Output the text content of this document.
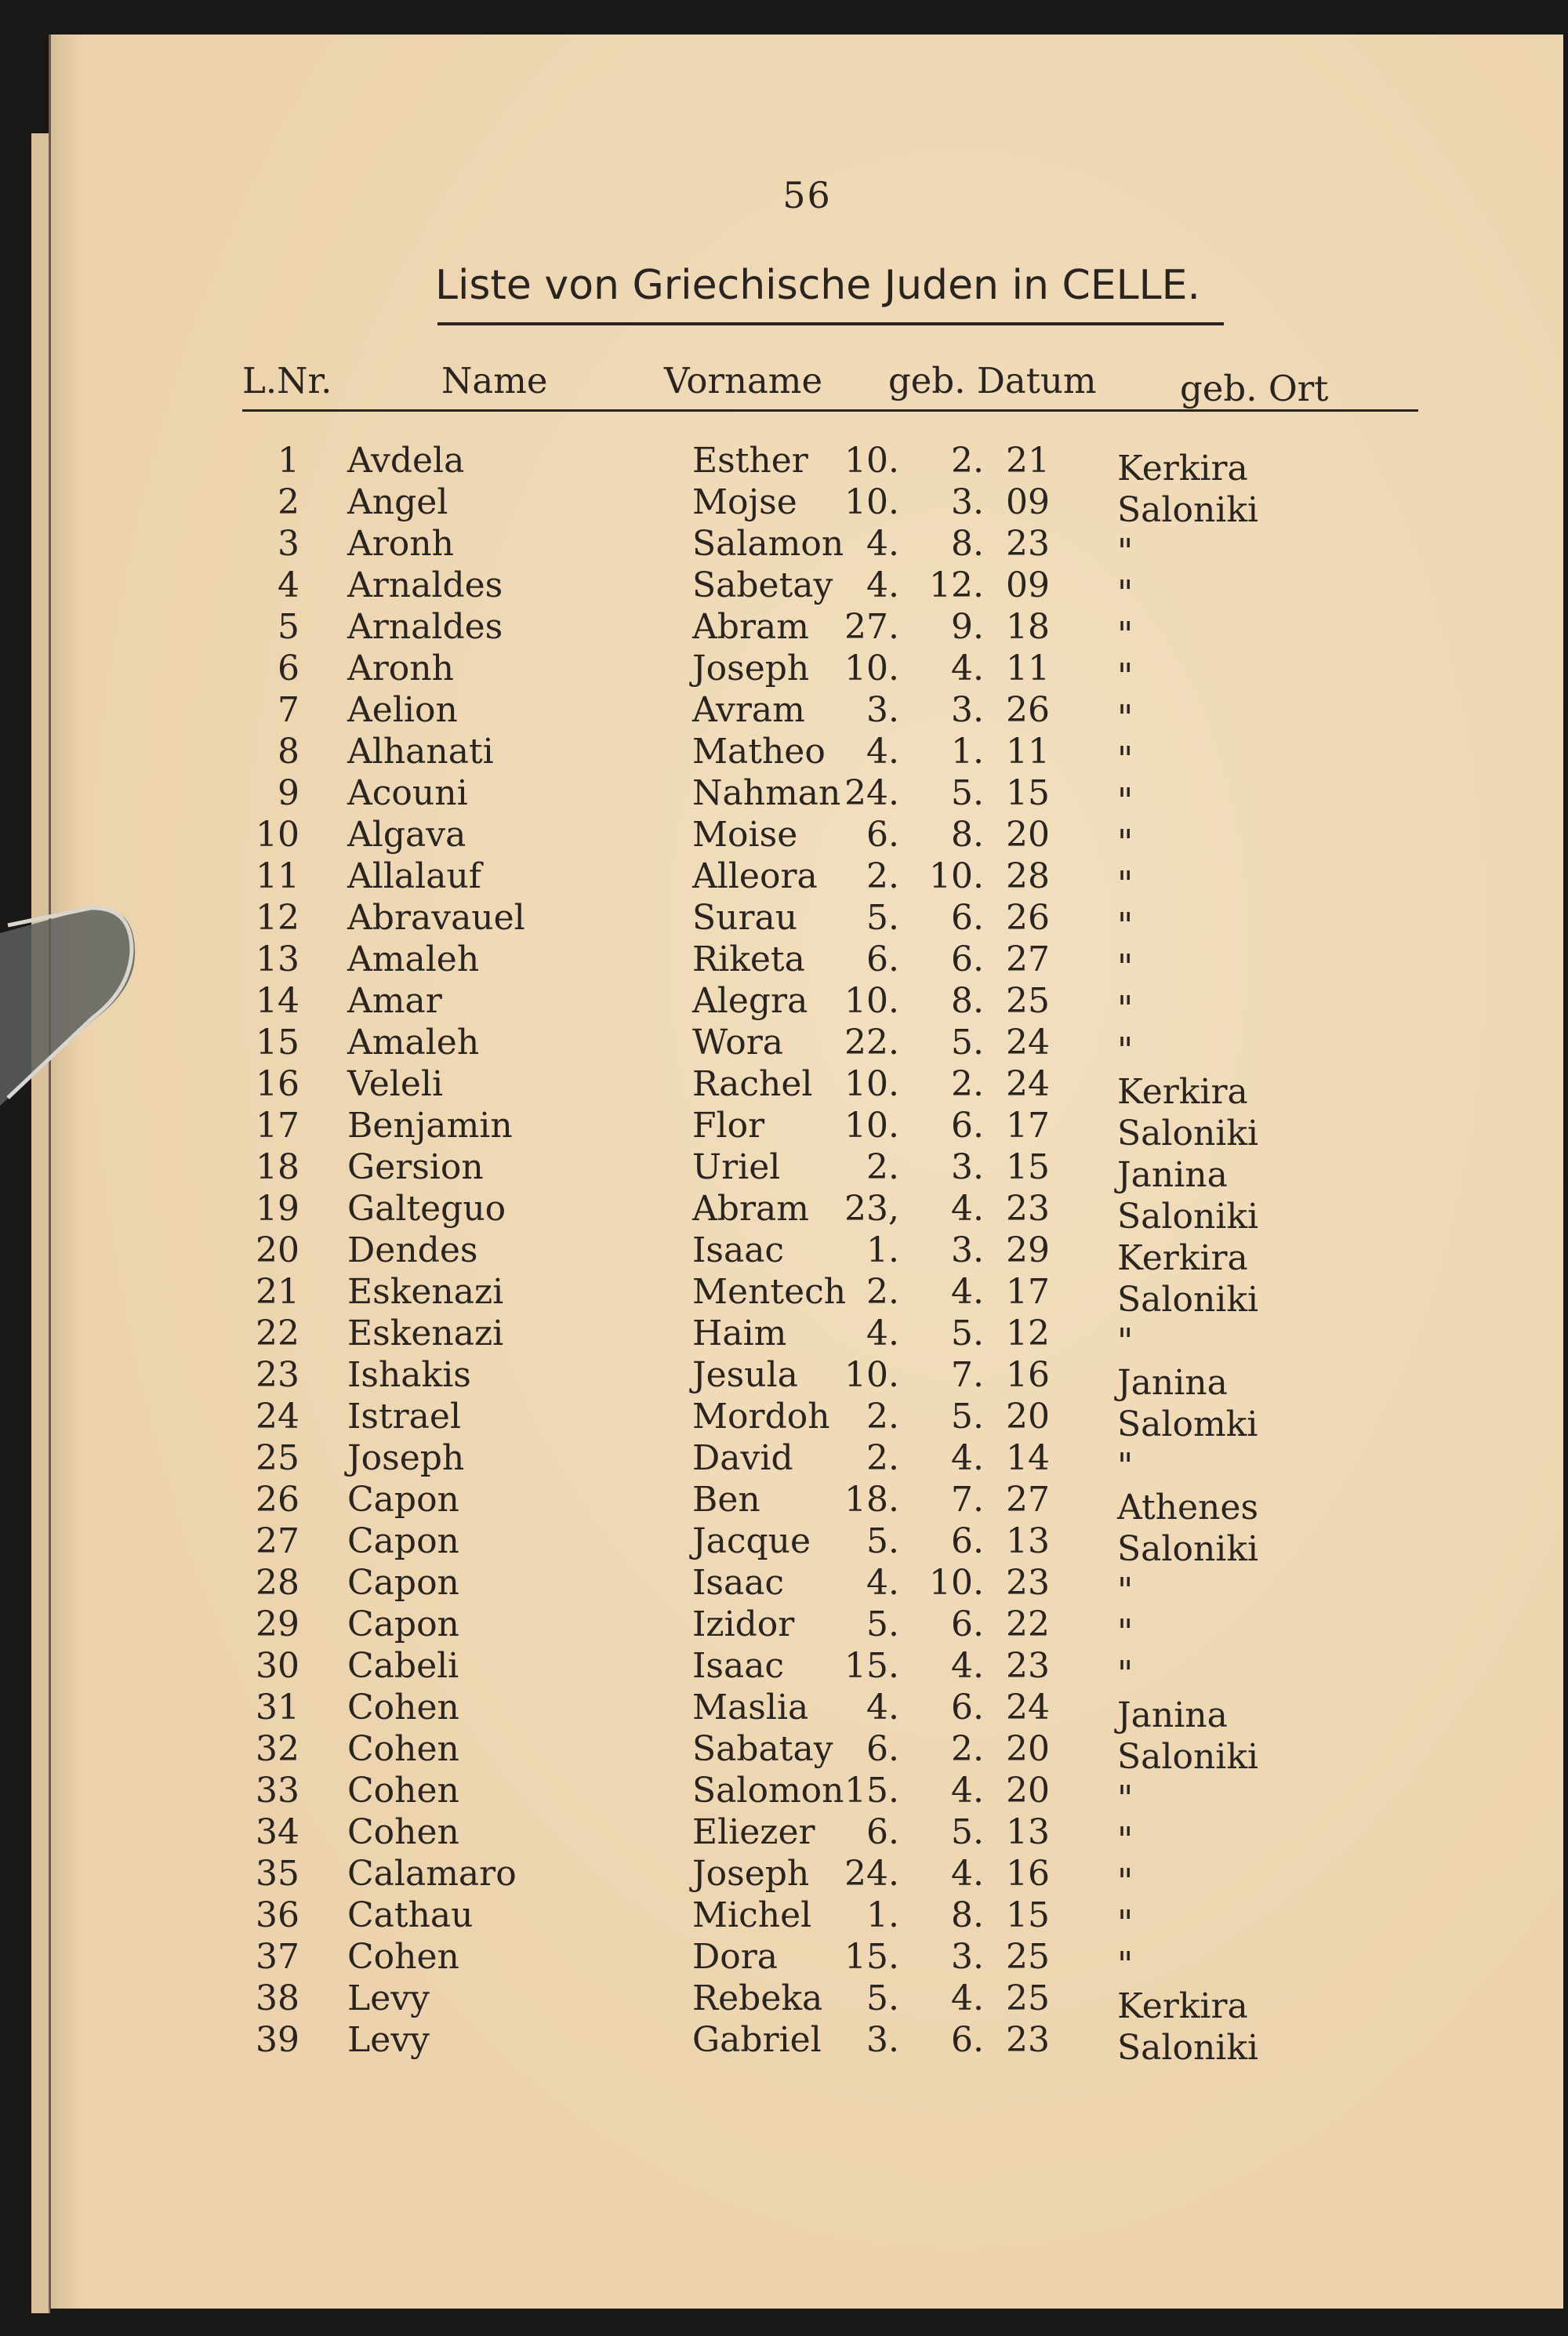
56
Liste von Griechische Juden in CELLE.
L.Nr.	Name	Vorname geb. Datum geb. Ort
1 Avdela	Esther 10.	2. 21 Kerkira
2 Angel	Mojse 10.	3. 09 Saloniki
3 Aronh	Salamon 4.	8. 23 "
4 Arnaldes	Sabetay 4. 12. 09 "
5 Arnaldes	Abram 27.	9. 18 "
6 Aronh	Joseph 10.	4. 11 "
7 Aelion	Avram	3.	3. 26 "
8 Alhanati	Matheo	4.	1. 11 "
9 Acouni	Nahman 24.	5. 15 "
10 Algava	Moise	6.	8. 20 "
11 Allalauf	Alleora	2. 10. 28 "
12 Abravauel	Surau	5.	6. 26 "
13 Amaleh	Riketa	6.	6. 27 "
14 Amar	Alegra 10.	8. 25 "
15 Amaleh	Wora 22.	5. 24 "
16 Veleli	Rachel 10.	2. 24 Kerkira
17 Benjamin	Flor 10.	6. 17 Saloniki
18 Gersion	Uriel	2.	3. 15 Janina
19 Galteguo	Abram 23,	4. 23 Saloniki
20 Dendes	Isaac	1.	3. 29 Kerkira
21 Eskenazi	Mentech 2.	4. 17 Saloniki
22 Eskenazi	Haim	4.	5. 12 "
23 Ishakis	Jesula 10.	7. 16 Janina
24 Istrael	Mordoh	2.	5. 20 Salomki
25 Joseph	David	2.	4. 14 "
26 Capon	Ben 18.	7. 27 Athenes
27 Capon	Jacque	5.	6. 13 Saloniki
28 Capon	Isaac	4. 10. 23 "
29 Capon	Izidor	5.	6. 22 "
30 Cabeli	Isaac 15.	4. 23 "
31 Cohen	Maslia	4.	6. 24 Janina
32 Cohen	Sabatay 6.	2. 20 Saloniki
33 Cohen	Salomon 15.	4. 20 "
34 Cohen	Eliezer	6.	5. 13 "
35 Calamaro	Joseph 24.	4. 16 "
36 Cathau	Michel	1.	8. 15 "
37 Cohen	Dora 15.	3. 25 "
38 Levy	Rebeka	5.	4. 25 Kerkira
39 Levy	Gabriel	3.	6. 23 Saloniki
